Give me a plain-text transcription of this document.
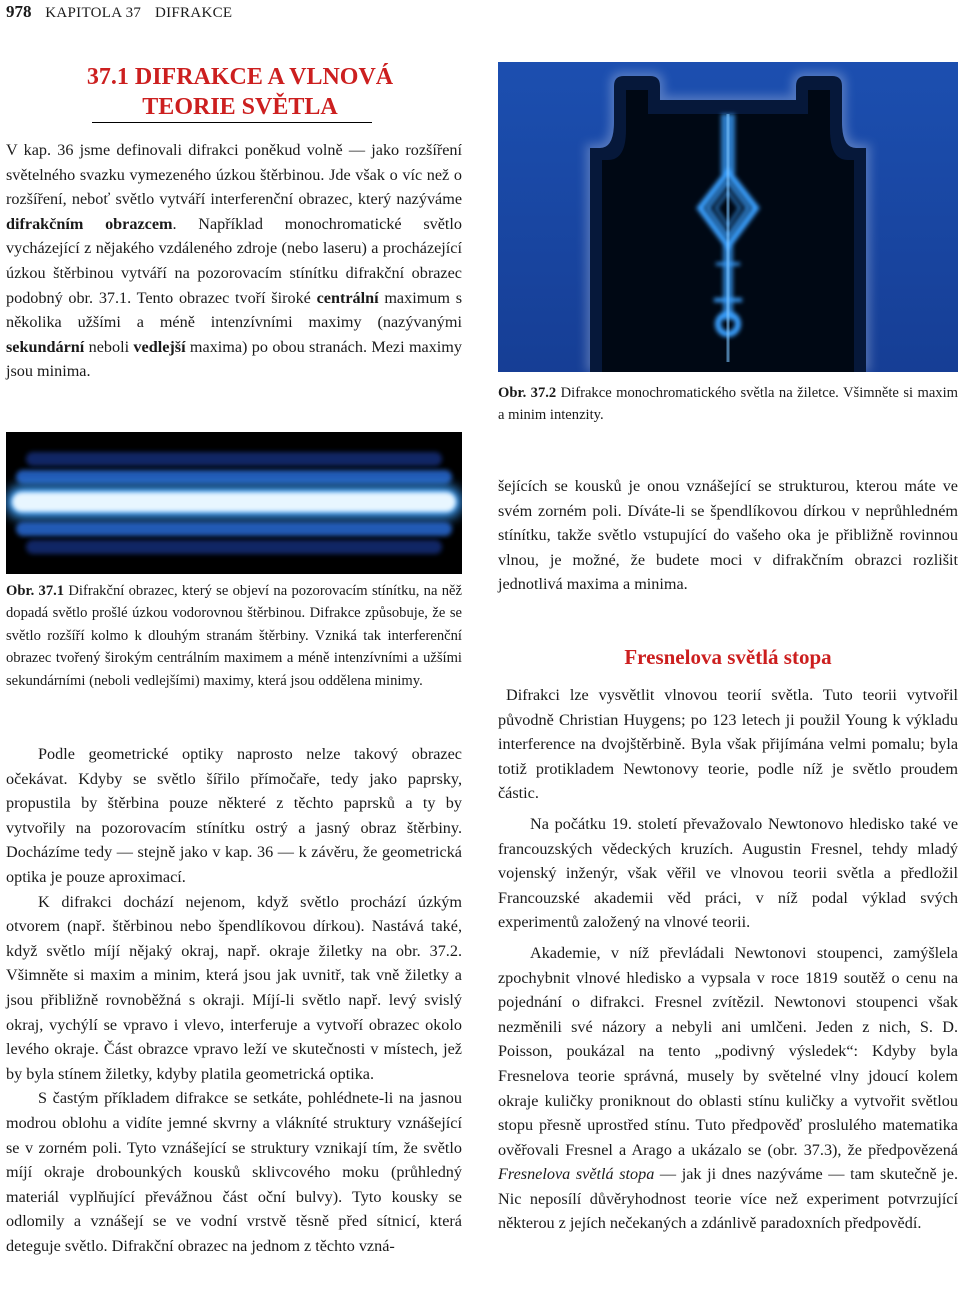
978 KAPITOLA 37 DIFRAKCE
37.1 DIFRAKCE A VLNOVÁ TEORIE SVĚTLA

V kap. 36 jsme definovali difrakci poněkud volně — jako rozšíření světelného svazku vymezeného úzkou štěrbinou. Jde však o víc než o rozšíření, neboť světlo vytváří interferenční obrazec, který nazýváme difrakčním obrazcem. Například monochromatické světlo vycházející z nějakého vzdáleného zdroje (nebo laseru) a procházející úzkou štěrbinou vytváří na pozorovacím stínítku difrakční obrazec podobný obr. 37.1. Tento obrazec tvoří široké centrální maximum s několika užšími a méně intenzívními maximy (nazývanými sekundární neboli vedlejší maxima) po obou stranách. Mezi maximy jsou minima.

Obr. 37.2 Difrakce monochromatického světla na žiletce. Všimněte si maxim a minim intenzity.
Obr. 37.1 Difrakční obrazec, který se objeví na pozorovacím stínítku, na něž dopadá světlo prošlé úzkou vodorovnou štěrbinou. Difrakce způsobuje, že se světlo rozšíří kolmo k dlouhým stranám štěrbiny. Vzniká tak interferenční obrazec tvořený širokým centrálním maximem a méně intenzívními a užšími sekundárními (neboli vedlejšími) maximy, která jsou oddělena minimy.

Podle geometrické optiky naprosto nelze takový obrazec očekávat. Kdyby se světlo šířilo přímočaře, tedy jako paprsky, propustila by štěrbina pouze některé z těchto paprsků a ty by vytvořily na pozorovacím stínítku ostrý a jasný obraz štěrbiny. Docházíme tedy — stejně jako v kap. 36 — k závěru, že geometrická optika je pouze aproximací.

K difrakci dochází nejenom, když světlo prochází úzkým otvorem (např. štěrbinou nebo špendlíkovou dírkou). Nastává také, když světlo míjí nějaký okraj, např. okraje žiletky na obr. 37.2. Všimněte si maxim a minim, která jsou jak uvnitř, tak vně žiletky a jsou přibližně rovnoběžná s okraji. Míjí-li světlo např. levý svislý okraj, vychýlí se vpravo i vlevo, interferuje a vytvoří obrazec okolo levého okraje. Část obrazce vpravo leží ve skutečnosti v místech, jež by byla stínem žiletky, kdyby platila geometrická optika.

S častým příkladem difrakce se setkáte, pohlédnete-li na jasnou modrou oblohu a vidíte jemné skvrny a vlákníté struktury vznášející se v zorném poli. Tyto vznášející se struktury vznikají tím, že světlo míjí okraje drobounkých kousků sklivcového moku (průhledný materiál vyplňující převážnou část oční bulvy). Tyto kousky se odlomily a vznášejí se ve vodní vrstvě těsně před sítnicí, která deteguje světlo. Difrakční obrazec na jednom z těchto vzná-

šejících se kousků je onou vznášející se strukturou, kterou máte ve svém zorném poli. Díváte-li se špendlíkovou dírkou v neprůhledném stínítku, takže světlo vstupující do vašeho oka je přibližně rovinnou vlnou, je možné, že budete moci v difrakčním obrazci rozlišit jednotlivá maxima a minima.

Fresnelova světlá stopa

Difrakci lze vysvětlit vlnovou teorií světla. Tuto teorii vytvořil původně Christian Huygens; po 123 letech ji použil Young k výkladu interference na dvojštěrbině. Byla však přijímána velmi pomalu; byla totiž protikladem Newtonovy teorie, podle níž je světlo proudem částic.

Na počátku 19. století převažovalo Newtonovo hledisko také ve francouzských vědeckých kruzích. Augustin Fresnel, tehdy mladý vojenský inženýr, však věřil ve vlnovou teorii světla a předložil Francouzské akademii věd práci, v níž podal výklad svých experimentů založený na vlnové teorii.

Akademie, v níž převládali Newtonovi stoupenci, zamýšlela zpochybnit vlnové hledisko a vypsala v roce 1819 soutěž o cenu na pojednání o difrakci. Fresnel zvítězil. Newtonovi stoupenci však nezměnili své názory a nebyli ani umlčeni. Jeden z nich, S. D. Poisson, poukázal na tento „podivný výsledek“: Kdyby byla Fresnelova teorie správná, musely by světelné vlny jdoucí kolem okraje kuličky proniknout do oblasti stínu kuličky a vytvořit světlou stopu přesně uprostřed stínu. Tuto předpověď proslulého matematika ověřovali Fresnel a Arago a ukázalo se (obr. 37.3), že předpovězená Fresnelova světlá stopa — jak ji dnes nazýváme — tam skutečně je. Nic neposílí důvěryhodnost teorie více než experiment potvrzující některou z jejích nečekaných a zdánlivě paradoxních předpovědí.
